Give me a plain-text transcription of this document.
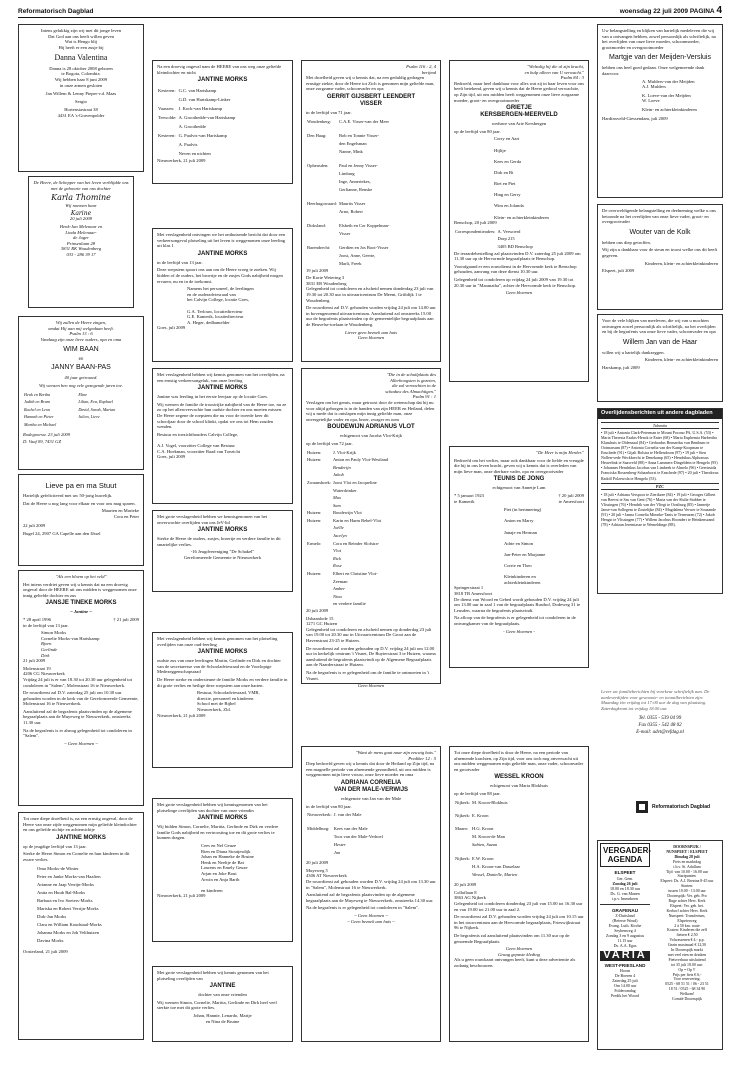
Reformatorisch Dagblad	woensdag 22 juli 2009 PAGINA 4
Intens gelukkig zijn wij met dit jonge leven
Dat God aan ons heeft willen geven
Wat is Hengo blij
Hij heeft er een zusje bij
Danna Valentina
Danna is 28 oktober 2008 geboren
te Bogota, Colombia.
Wij hebben haar 8 juni 2009
in onze armen gesloten

Jan Willem & Lenny Pieper-v.d. Maas

Sergio

Hortensiastraat 38
4431 EA 's-Gravenpolder

De Heere, de Schepper van het leven verblijdde ons met de geboorte van ons dochter

Karla Thomine

Wij noemen haar

Karine

20 juli 2009

Henk-Jan Melenaar en
Linda Melenaar-
de Jager
Prinsenlaan 28
3831 RK Woudenberg

033 - 286 39 17

Wij zullen de Heere zingen,
omdat Hij aan mij welgedaan heeft.
Psalm 13 : 6

Vandaag zijn onze lieve ouders, opa en oma

WIM BAAN
en
JANNY BAAN-PAS

40 jaar getrouwd.

Wij wensen hen nog vele gezegende jaren toe.

Henk en Bertha	Eline
Judith en Bram	Lilian, Eva, Raphael
Rachel en Leon	David, Sarah, Marian
Hannah en Pieter	Julien, Lieve
Martha en Michael	

Rodegoorsw. 23 juli 2009

D. Vaaf 09, 7431 GZ

Lieve pa en ma Stuut

Hartelijk gefeliciteerd met uw 50-jarig huwelijk.

Dat de Heere u nog lang voor elkaar en voor ons mag sparen.

Maarten en Marieke
Cora en Peter

22 juli 2009

Bugel 24, 2907 GA Capelle aan den IJssel

"Als een bloem op het veld"

Het intens verdriet geven wij u kennis dat na een droevig ongeval door de HEERE uit ons midden is weggenomen onze innig geliefde dochter en zus

JANSJE TINEKE MORKS

~ Jantine ~

* 28 april 1996	† 21 juli 2009

in de leeftijd van 13 jaar.

Simon Morks
Cornelie Morks-van Hartskamp
Bjorn
Gerlinde
Dirk

21 juli 2009

Molenstraat 19
4206 CG Nieuwerkerk

Vrijdag 24 juli is er van 18.30 tot 20.30 uur gelegenheid tot condoleren in "Salem", Molenstraat 16 te Nieuwerkerk.

De rouwdienst zal D.V. zaterdag 25 juli om 10.30 uur gehouden worden in de kerk van de Gereformeerde Gemeente, Molenstraat 16 te Nieuwerkerk.

Aansluitend zal de begrafenis plaatsvinden op de algemene begraafplaats aan de Muyeweg te Nieuwerkerk, omstreeks 11.30 uur.

Na de begrafenis is er alsnog gelegenheid tot condoleren in "Salem".

~ Geen bloemen ~

Tot onze diepe droefheid is, na een ernstig ongeval, door de Heere van onze zijde weggenomen mijn geliefde kleindochter en ons geliefde nichtje en achternichtje

JANTINE MORKS

op de jeugdige leeftijd van 13 jaar.

Sterke de Heere Simon en Cornelie en hun kinderen in dit zware verlies.

Oma Morks-de Winter
Peter en Janke Morks-van Haaften
Arianne en Jaap Verrijn-Morks
Anita en Huub Bal-Morks
Barbara en Ivo Soeters-Morks
Mariska en Robert Verrijn-Morks
Dirk-Jan Morks
Clara en William Koudstaal-Morks
Johanna Morks en Job Velthuizen
Davina Morks

Oosterland, 21 juli 2009

Na een droevig ongeval nam de HEERE van ons weg onze geliefde kleindochter en nicht

JANTINE MORKS
Kesteren:	G.C. van Hartskamp
	G.D. van Hartskamp-Linker
Vaassen:	J. Kock-van Hartskamp
Terwolde:	A. Groothedde-van Hartskamp
	A. Groothedde
Kesteren:	G. Paalvis-van Hartskamp
	A. Paalvis
	Neven en nichten

Nieuwerkerk, 21 juli 2009

Met verslagenheid ontvingen we het onthutsende bericht dat door een verkeersongeval plotseling uit het leven is weggenomen onze leerling uit klas 1

JANTINE MORKS

in de leeftijd van 13 jaar.

Deze roepstem spoort ons aan om de Heere vroeg te zoeken. Wij bidden of de ouders, het broertje en de zusjes Gods nabijheid mogen ervaren, nu en in de toekomst.

Namens het personeel, de leerlingen
en de ouderadviesraad van
het Calvijn College, locatie Goes,
G.A. Terlouw, locatiedirecteur
G.E. Kamerik, locatiedirecteur
A. Heger, dedbamelder

Goes, juli 2009

Met verslagenheid hebben wij kennis genomen van het overlijden, na een ernstig verkeersongeluk, van onze leerling

JANTINE MORKS

Jantine was leerling in het eerste leerjaar op de locatie Goes.

Wij wensen de familie de troostrijke nabijheid van de Heere toe, nu ze zo op het allerovervachte hun oudste dochter en ons moeten missen. De Heere zegene de roepstem die nu voor de tweede keer dit schooljaar door de school klinkt, opdat we ons tot Hem zouden wenden.

Bestuur en toezichthouders Calvijn College,
A.J. Vogel, voorzitter College van Bestuur
C.A. Hoekman, voorzitter Raad van Toezicht

Goes, juli 2009

Met grote verslagenheid hebben we kennisgenomen van het onverwachte overlijden van ons JeV-lid

JANTINE MORKS

Sterke de Heere de ouders, zusjes, broertje en verdere familie in dit smartelijke verlies.

-16 Jeugdvereniging "De Schakel"
Gereformeerde Gemeente te Nieuwerkerk

Met verslagenheid hebben wij kennis genomen van het plotseling overlijden van onze oud-leerling

JANTINE MORKS

oudste zus van onze leerlingen Martin, Gerlinde en Dirk en dochter van de secretaresse van de Schooladviesraad en de Voorlopige Medezeggenschapsraad

De Heere sterke en ondersteune de familie Morks en verdere familie in dit grote verlies en heilige deze roepstem aan onze harten.

Bestuur, Schooladviesraad, VMR,
directie, personeel en kinderen
School met de Bijbel
Nieuwerkerk, Zld.

Nieuwerkerk, 21 juli 2009

Met grote verslagenheid hebben wij kennisgenomen van het plotselinge overlijden van dochter van onze vriendin

JANTINE MORKS

Wij bidden Simon, Cornelie, Maritta, Gerlinde en Dirk en verdere familie Gods nabijheid en vertroosting toe en dit grote verlies te kunnen dragen.

Cees en Nel Geuze
Rien en Diana Stoutjesdijk
Johan en Hanneke de Bruine
Henk en Neeltje de Bat
Lourens en Emely Geuze
Arjan en Joke Bout
Arwin en Anja Barth
en kinderen

Nieuwerkerk, 21 juli 2009

Met grote verslagenheid hebben wij kennis genomen van het plotseling overlijden van

JANTINE

dochter van onze vrienden

Wij wensen Simon, Cornelie, Maritta, Gerlinde en Dirk heel veel sterkte toe met dit grote verlies.

Johan, Hannie, Lenardo, Marije
en Nina de Bruine
Psalm 116 : 2, 4
berijmd

Met droefheid geven wij u kennis dat, na een geduldig gedragen ernstige ziekte, door de Heere tot Zich is genomen mijn geliefde man, onze zorgzame vader, schoonvader en opa

GERRIT GIJSBERT LEENDERT
VISSER

in de leeftijd van 71 jaar.

Woudenberg:	C.A.E. Visser-van der Meer

Den Haag:	Bob en Tonnie Visser-
	den Engelsman
	Nanne, Mink

Opheusden:	Paul en Jenny Visser-
	Limburg
	Inge, Anneriekes,
	Gerlianne, Renske

Heerhugowaard:	Maurits Visser
	Arno, Robert

Dirksland:	Elsbeth en Cor Koppelman-
	Visser

Barendrecht:	Gerdien en Jos Boot-Visser
	Joost, Anne, Geerte,
	Marli, Freek

19 juli 2009

De Korte Wetering 3
3831 ER Woudenberg

Gelegenheid tot condoleren en afscheid nemen donderdag 23 juli van 19.30 tot 20.30 uur in uitvaartcentrum De Meent, Griftdijk 1 te Woudenberg.

De rouwdienst zal D.V. gehouden worden vrijdag 24 juli om 14.00 uur in bovengenoemd uitvaartcentrum. Aansluitend zal omstreeks 15.00 uur de begrafenis plaatsvinden op de gemeentelijke begraafplaats aan de Heuvelse-toelaan te Woudenberg.

Liever geen bezoek aan huis
Geen bloemen
"Die in de schuilplaats des
Allerhoogsten is gezeten,
die zal vernachten in de
schaduw des Almachtigen."
Psalm 91 : 1

Verslagen om het gemis, maar getroost door de wetenschap dat hij nu voor altijd geborgen is in de handen van zijn HEER en Heiland, delen wij u mede dat is ontslapen mijn innig geliefde man, onze onvergetelijke vader en opa, broer, zwager en oom

BOUDEWIJN ADRIANUS VLOT

echtgenoot van Jacoba Vlot-Krijk

op de leeftijd van 72 jaar.

Huizen:	J. Vlot-Krijk
Huizen:	Anton en Pauly Vlot-Westland
	Benderijn
	Jakob
Zwaanshoek:	Joost Vlot en Jacqueline
	Waterdrinker
	Max
	Sam
Huizen:	Boudewijn Vlot
Huizen:	Karin en Harm Rebel-Vlot
	Joëlle
	Jacelyn
Ermelo:	Cora en Reinder Slofstra-
	Vlot
	Rick
	Rose
Huizen:	Elbert en Christine Vlot-
	Zeeman
	Amber
	Nina
	en verdere familie

20 juli 2009

IJsbaanlode 15
1271 GC Huizen

Gelegenheid tot condoleren en afscheid nemen op donderdag 23 juli van 19.00 tot 20.30 uur in Uitvaartcentrum De Groot aan de Havenstraat 23-25 te Huizen.

De rouwdienst zal worden gehouden op D.V. vrijdag 24 juli om 12.00 uur in kerkelijk centrum 't Visnet, De Ruyterstraat 3 te Huizen, waarna aansluitend de begrafenis plaatsvindt op de Algemene Begraafplaats aan de Naarderstraat te Huizen.

Na de begrafenis is er gelegenheid om de familie te ontmoeten in 't Visnet.

Geen bloemen

"Want de mens gaat naar zijn eeuwig huis."
Prediker 12 : 5

Diep bedroefd geven wij u kennis dat door de Heiland op Zijn tijd, na een magnelle periode van afnemende gezondheid, uit ons midden is weggenomen mijn lieve vrouw, onze lieve moeder en oma

ADRIANA CORNELIA
VAN DER MALE-VERWIJS

echtgenote van Jan van der Male

in de leeftijd van 80 jaar.

Nieuwerkerk:	J. van der Male

Middelburg:	Kees van der Male
	Toos van der Male-Verhoef
	Hester
	Jan

20 juli 2009

Muyeweg 5
4306 AT Nieuwerkerk

De rouwdienst zal gehouden worden D.V. vrijdag 24 juli om 13.30 uur in "Salem", Molenstraat 16 te Nieuwerkerk.

Aansluitend zal de begrafenis plaatsvinden op de algemene begraafplaats aan de Muyeweg te Nieuwerkerk, omstreeks 14.30 uur.

Na de begrafenis is er gelegenheid tot condoleren in "Salem".

~ Geen bloemen ~
~ Geen bezoek aan huis ~
"Welzalig hij die al zijn kracht,
en hulp alleen van U verwacht."
Psalm 84 : 3

Bedroefd, maar heel dankbaar voor alles wat zij in haar leven voor ons heeft betekend, geven wij u kennis dat de Heere gedood verwachtte, op Zijn tijd, uit ons midden heeft weggenomen onze lieve zorgzame moeder, groot- en overgrootmoeder

GRIETJE
KERSBERGEN-MEERVELD

weduwe van Arie Kersbergen

op de leeftijd van 80 jaar.

Corry en Aart
Hijltje
Kees en Gerda
Dirk en Bi
Riet en Piet
Hing en Gerry
Wim en Jolanda
Klein- en achterkleinkinderen

Benschop, 20 juli 2009

Correspondentieadres:	A. Verwoerd
	Dorp 215
	3405 BD Benschop

De teraardebestelling zal plaatsvinden D.V. zaterdag 25 juli 2009 om 11.30 uur op de Hervormde begraafplaats te Benschop.

Voorafgaand er een rouwdienst in de Hervormde kerk te Benschop gehouden, aanvang van deze dienst 10.30 uur.

Gelegenheid tot condoleren op vrijdag 24 juli 2009 van 19.30 tot 20.30 uur in "Maranatha", achter de Hervormde kerk te Benschop.

Geen bloemen

"De Heer is mijn Herder."

Bedroefd om het verlies, maar ook dankbaar voor de liefde en vreugde die hij in ons leven bracht, geven wij u kennis dat is overleden van mijn lieve man, onze dierbare vader, opa en overgrootvader

TEUNIS DE JONG

echtgenoot van Annetje Lam

* 5 januari 1923
te Kamerik
† 20 juli 2009
te Amersfoort
Piet (in herinnering)
Anton en Marry
Janaje en Herman
Adrie en Simon
Jan-Peter en Marjanne
Corrie en Theo
Kleinkinderen en
achterkleinkinderen
Springerstraat 1
3818 TB Amersfoort

De dienst van Woord en Gebed wordt gehouden D.V. vrijdag 24 juli om 13.00 uur in zaal 1 van de begraafplaats Rusthof, Dodeweg 31 te Leusden, waarna de begrafenis plaatsvindt.

Na afloop van de begrafenis is er gelegenheid tot condoleren in de ontvangkamer van de begraafplaats.

- Geen bloemen -

Tot onze diepe droefheid is door de Heere, na een periode van afnemende krachten, op Zijn tijd, voor ons toch nog onverwacht uit ons midden weggenomen mijn geliefde man, onze vader, schoonvader en grootvader

WESSEL KROON

echtgenoot van Maria Blokhuis

op de leeftijd van 88 jaar.

Nijkerk:	M. Kroon-Blokhuis

Nijkerk:	E. Kroon

Maarn:	H.G. Kroon
	M. Kroon-de Man
	Sabien, Suzan

Nijkerk:	E.W. Kroon
	H.A. Kroon-van Dasselaar
	Wessel, Danielle, Marien

20 juli 2009

Collaflaan 8
3863 AG Nijkerk

Gelegenheid tot condoleren donderdag 23 juli van 15.00 tot 16.30 uur en van 19.00 tot 21.00 uur in zaal 2.

De rouwdienst zal D.V. gehouden worden vrijdag 24 juli om 10.15 uur in het rouwcentrum aan de Hervormde begraafplaats, Frieswijkstraat 96 te Nijkerk.

De begrafenis zal aansluitend plaatsvinden om 11.30 uur op de genoemde Begraafplaats.

Geen bloemen
Graag gepaste kleding

Als u geen rouwkaart ontvangen heeft, kunt u deze advertentie als zodanig beschouwen.

Uw belangstelling en blijken van hartelijk medeleven die wij van u ontvangen hebben, zowel persoonlijk als schriftelijk, na het overlijden van onze lieve moeder, schoonmoeder, grootmoeder en overgrootmoeder

Martgje van der Meijden-Versluis

hebben ons heel goed gedaan. Onze welgemeende dank daarvoor.

A. Mulders-van der Meijden
A.J. Mulders
K. Loeve-van der Meijden
W. Loeve
Klein- en achterkleinkinderen

Hardinxveld-Giessendam, juli 2009

De overweldigende belangstelling en deelneming welke u ons betoonde na het overlijden van onze lieve vader, groot- en overgrootvader

Wouter van de Kolk

hebben ons diep getroffen.

Wij zijn u dankbaar voor de steun en troost welke ons dit heeft gegeven.

Kinderen, klein- en achterkleinkinderen

Elspeet, juli 2009

Voor de vele blijken van meeleven, die wij van u mochten ontvangen zowel persoonlijk als schriftelijk, na het overlijden en bij de begrafenis van onze lieve vader, schoonvader en opa

Willem Jan van de Haar

willen wij u hartelijk dankzeggen.

Kinderen, klein- en achterkleinkinderen

Harskamp, juli 2009

Overlijdensberichten uit andere dagbladen
Tubantia

• 18 juli • Antonia Clark-Peterman te Mount Pocono PA, U.S.A. (53) • Maria Theresia Esakis-Henck te Enter (68) • Maria Euphemia Harbertha Klaashuis te Oldenzaal (84) • Gerhardus Bernardus van Benthum te Ootmarsum (87) • Antonia Cornelia van der Kamp-Koopman te Enschede (91) • Gijalt Bolstra te Hellendoorn (97) • 19 juli • Sien Nollen-vede Weckbrecht te Denekamp (65) • Hendrikus Alphonsus Heuvelink te Saasveld (88) • Anna Lammers-Dingeldein te Hengelo (95) • Johannes Hendrikus Jacobus van Limbeek te Almelo (96) • Geertruida Franciska Rossenberg-Schaarhorst te Enschede (97) • 20 juli • Theodorus Radolf Polzewola te Hengelo (53).

PZC

• 18 juli • Adriana Verspoor te Zierikzee (84) • 19 juli • Georges Gilbert van Beevst te Sas van Gent (76) • Maria van der Slulis-Stabber te Vlissingen (76) • Hendrik van der Vliegt te Oostburg (85) • Jannetje Janse-van Sollegem te Zoutelijke (84) • Magdalena Verwer te Souzande (91) • 20 juli • Janna Cornelia Mimeke-Tanis te Terneuzen (72) • Jakob Hengst te Vlissingen (77) • Willem Jacobus Hoondert te Heinkenszand (78) • Adriaan Jeremiasse te Wemeldinge (88).

Lever uw familieberichten bij voorkeur schriftelijk aan. De aanleverdijden voor gewoonte- en toonalberichten zijn: Maandag t/m vrijdag tot 17:00 uur de dag van plaatsing. Zaterdagkrant tot vrijdag 18.00 uur.

Tel. 0355 - 539 04 99
Fax 0355 - 542 48 02
E-mail: advt@refdag.nl
Reformatorisch Dagblad
VERGADER-
AGENDA
ELSPEET
Ger. Gem.
Zondag 26 juli
18.00 en 18.30 uur
Ds. G. van Manen
t.p.v. Immekeen
GRAFENAU
Z-Duitsland
(Beierse Woud)
Evang. Luth. Kirche
Seybenweg 4
Zondag 3 en 9 augustus
11.15 uur
Ds. A.A. Egas
VARIA
WEST-FRIESLAND
Hoorn
De Boeren 4
Zaterdag 25 juli
Om 14.00 uur
Folderomdag
Predik het Woord
DOORNSPIJK /
NUNSPEET / ELSPEET
Dinsdag 28 juli
Fiets en marktdag
t.b.v. St. Adullam
Tijd: van 10.00 - 16.00 uur
Startpunten:
Elspeet: Ds. A.J. Brezina 8-45 uur
Starten:
tussen 10.00 - 13.00 uur
Doornspijk: Ver. geb. Pro
Ruge achter Herv. Kerk
Elspeet: Ver. geb. bet.
Kerhorf achter Herv. Kerk
Nunspeet: Transferium,
Elspeterweg
2 à 50 km. route
Kosten: Kinderen die zelf
fietsen € 2,50
Volwassenen € 4,- p.p.
Gezin maximaal € 12,50
In Doornspijk markt
met veel eten en drinken
Fietsverhuur uitsluitend
tot 35 juli 18.00 uur:
Op = Op !!
Prijs per fiets € 6,-
Voor reservering:
0525 - 68 51 51 / 06 - 23 51
18 51 / 0525 - 68 34 90
Welkom!
Comité Doornspijk
